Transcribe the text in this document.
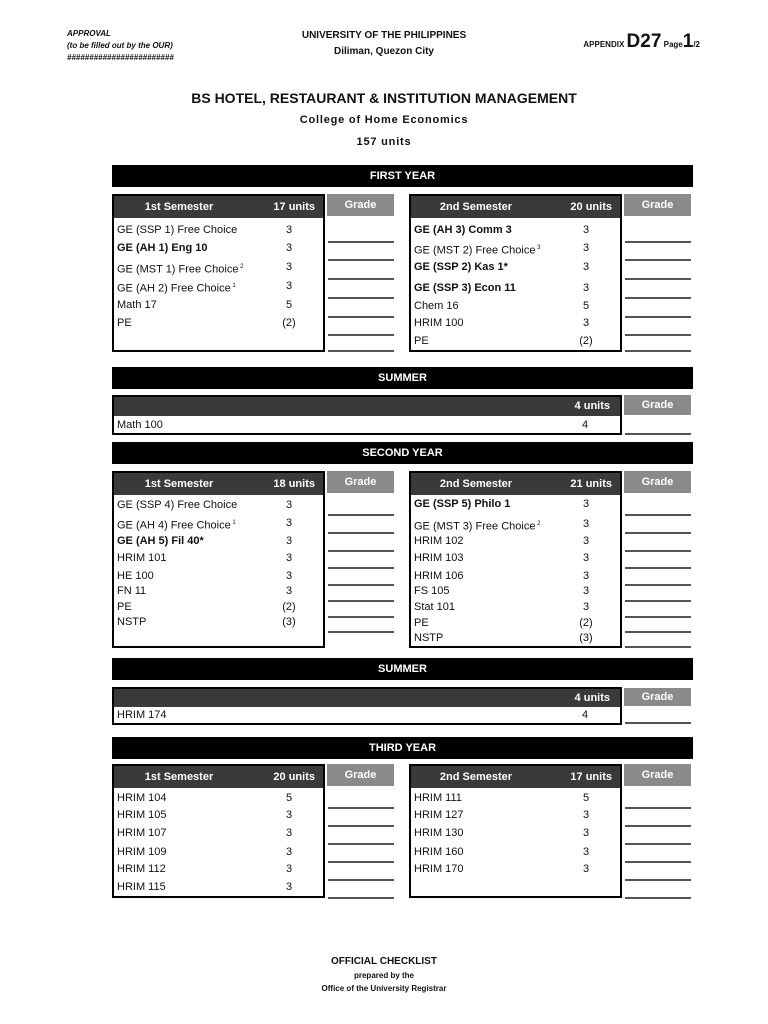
APPROVAL
(to be filled out by the OUR)
########################
UNIVERSITY OF THE PHILIPPINES
Diliman, Quezon City
APPENDIX D27 Page1/2
BS HOTEL, RESTAURANT & INSTITUTION MANAGEMENT
College of Home Economics
157 units
FIRST YEAR
SUMMER
SECOND YEAR
SUMMER
THIRD YEAR
1st Semester	17 units
GE (SSP 1) Free Choice	3
GE (AH 1) Eng 10	3
GE (MST 1) Free Choice $^2$	3
GE (AH 2) Free Choice $^1$	3
Math 17	5
PE	(2)
2nd Semester	20 units
GE (AH 3) Comm 3	3
GE (MST 2) Free Choice $^3$	3
GE (SSP 2) Kas 1*	3
GE (SSP 3) Econ 11	3
Chem 16	5
HRIM 100	3
PE	(2)
1st Semester	18 units
GE (SSP 4) Free Choice	3
GE (AH 4) Free Choice $^1$	3
GE (AH 5) Fil 40*	3
HRIM 101	3
HE 100	3
FN 11	3
PE	(2)
NSTP	(3)
2nd Semester	21 units
GE (SSP 5) Philo 1	3
GE (MST 3) Free Choice $^2$	3
HRIM 102	3
HRIM 103	3
HRIM 106	3
FS 105	3
Stat 101	3
PE	(2)
NSTP	(3)
1st Semester	20 units
HRIM 104	5
HRIM 105	3
HRIM 107	3
HRIM 109	3
HRIM 112	3
HRIM 115	3
2nd Semester	17 units
HRIM 111	5
HRIM 127	3
HRIM 130	3
HRIM 160	3
HRIM 170	3
4 units
Math 100	4
Grade
4 units
HRIM 174	4
Grade
OFFICIAL CHECKLIST
prepared by the
Office of the University Registrar
Grade	Grade
Grade	Grade
Grade	Grade
